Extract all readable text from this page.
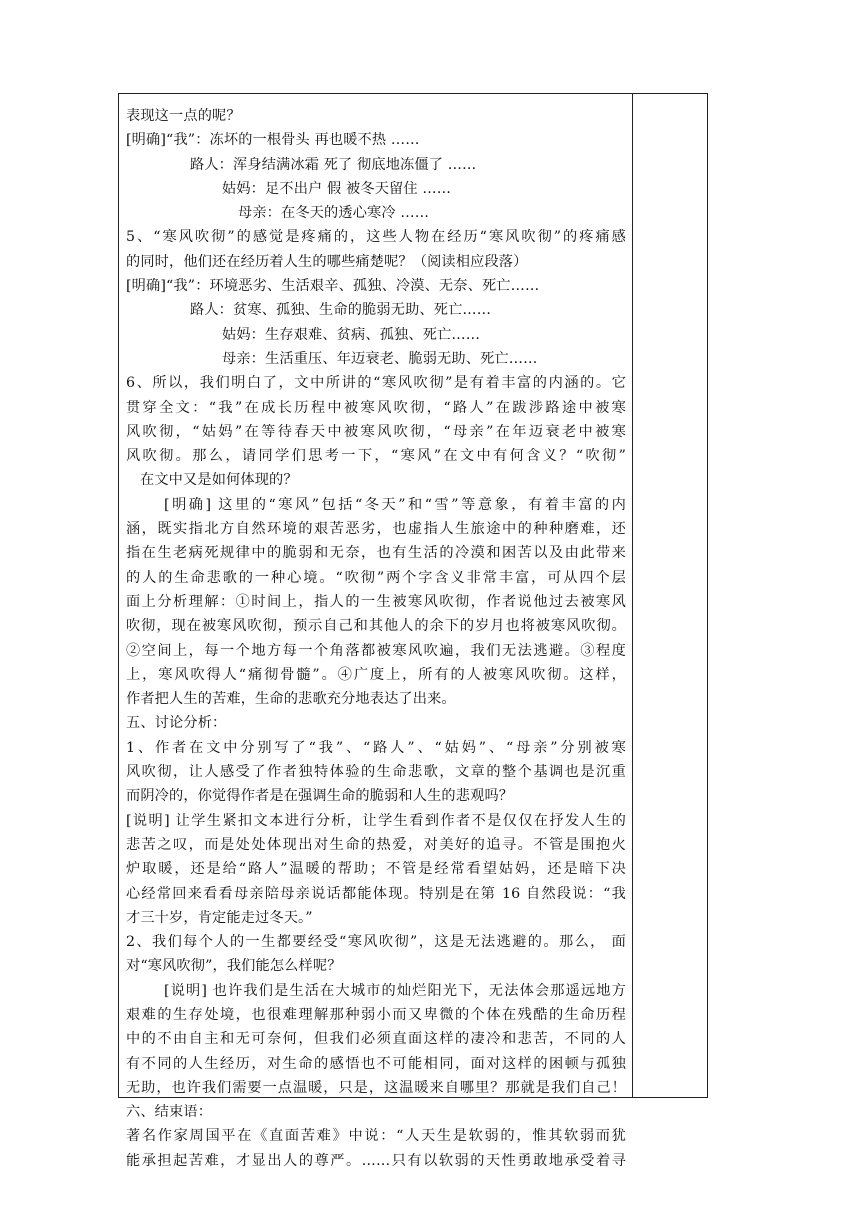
表现这一点的呢？
[明确]“我”：冻坏的一根骨头 再也暖不热 ……
路人：浑身结满冰霜 死了 彻底地冻僵了 ……
姑妈：足不出户 假 被冬天留住 ……
母亲：在冬天的透心寒冷 ……
5、“寒风吹彻”的感觉是疼痛的，这些人物在经历“寒风吹彻”的疼痛感
的同时，他们还在经历着人生的哪些痛楚呢？（阅读相应段落）
[明确]“我”：环境恶劣、生活艰辛、孤独、冷漠、无奈、死亡……
路人：贫寒、孤独、生命的脆弱无助、死亡……
姑妈：生存艰难、贫病、孤独、死亡……
母亲：生活重压、年迈衰老、脆弱无助、死亡……
6、所以，我们明白了，文中所讲的“寒风吹彻”是有着丰富的内涵的。它
贯穿全文：“我”在成长历程中被寒风吹彻，“路人”在跋涉路途中被寒
风吹彻，“姑妈”在等待春天中被寒风吹彻，“母亲”在年迈衰老中被寒
风吹彻。那么，请同学们思考一下，“寒风”在文中有何含义？“吹彻”
在文中又是如何体现的？
[明确] 这里的“寒风”包括“冬天”和“雪”等意象，有着丰富的内
涵，既实指北方自然环境的艰苦恶劣，也虚指人生旅途中的种种磨难，还
指在生老病死规律中的脆弱和无奈，也有生活的冷漠和困苦以及由此带来
的人的生命悲歌的一种心境。“吹彻”两个字含义非常丰富，可从四个层
面上分析理解：①时间上，指人的一生被寒风吹彻，作者说他过去被寒风
吹彻，现在被寒风吹彻，预示自己和其他人的余下的岁月也将被寒风吹彻。
②空间上，每一个地方每一个角落都被寒风吹遍，我们无法逃避。③程度
上，寒风吹得人“痛彻骨髓”。④广度上，所有的人被寒风吹彻。这样，
作者把人生的苦难，生命的悲歌充分地表达了出来。
五、讨论分析：
1、作者在文中分别写了“我”、“路人”、“姑妈”、“母亲”分别被寒
风吹彻，让人感受了作者独特体验的生命悲歌，文章的整个基调也是沉重
而阴冷的，你觉得作者是在强调生命的脆弱和人生的悲观吗？
[说明] 让学生紧扣文本进行分析，让学生看到作者不是仅仅在抒发人生的
悲苦之叹，而是处处体现出对生命的热爱，对美好的追寻。不管是围抱火
炉取暖，还是给“路人”温暖的帮助；不管是经常看望姑妈，还是暗下决
心经常回来看看母亲陪母亲说话都能体现。特别是在第 16 自然段说：“我
才三十岁，肯定能走过冬天。”
2、我们每个人的一生都要经受“寒风吹彻”，这是无法逃避的。那么， 面
对“寒风吹彻”，我们能怎么样呢？
[说明] 也许我们是生活在大城市的灿烂阳光下，无法体会那遥远地方
艰难的生存处境，也很难理解那种弱小而又卑微的个体在残酷的生命历程
中的不由自主和无可奈何，但我们必须直面这样的凄冷和悲苦，不同的人
有不同的人生经历，对生命的感悟也不可能相同，面对这样的困顿与孤独
无助，也许我们需要一点温暖，只是，这温暖来自哪里？那就是我们自己！
六、结束语：
著名作家周国平在《直面苦难》中说：“人天生是软弱的，惟其软弱而犹
能承担起苦难，才显出人的尊严。……只有以软弱的天性勇敢地承受着寻
